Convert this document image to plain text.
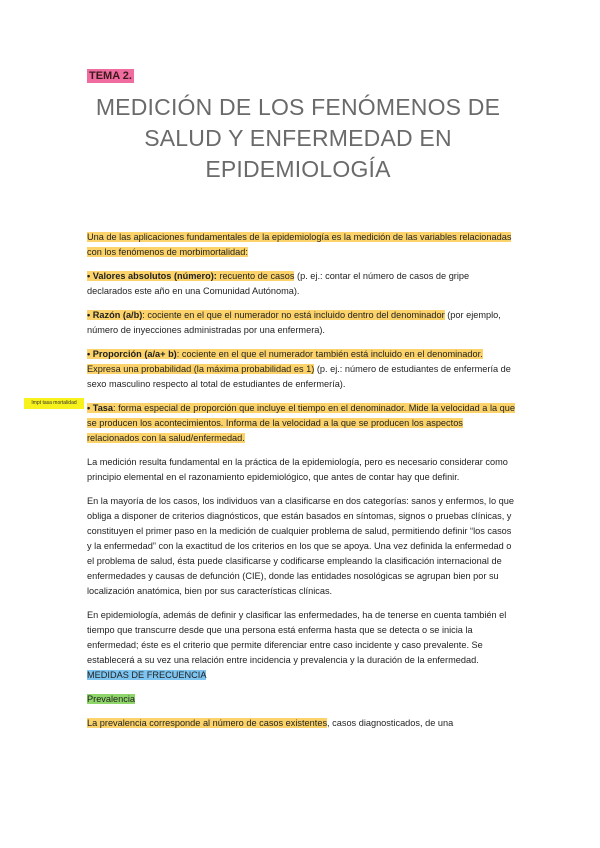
TEMA 2.
MEDICIÓN DE LOS FENÓMENOS DE SALUD Y ENFERMEDAD EN EPIDEMIOLOGÍA
Impt tasa mortalidad

Una de las aplicaciones fundamentales de la epidemiología es la medición de las variables relacionadas con los fenómenos de morbimortalidad:

• Valores absolutos (número): recuento de casos (p. ej.: contar el número de casos de gripe declarados este año en una Comunidad Autónoma).

• Razón (a/b): cociente en el que el numerador no está incluido dentro del denominador (por ejemplo, número de inyecciones administradas por una enfermera).

• Proporción (a/a+ b): cociente en el que el numerador también está incluido en el denominador. Expresa una probabilidad (la máxima probabilidad es 1) (p. ej.: número de estudiantes de enfermería de sexo masculino respecto al total de estudiantes de enfermería).

• Tasa: forma especial de proporción que incluye el tiempo en el denominador. Mide la velocidad a la que se producen los acontecimientos. Informa de la velocidad a la que se producen los aspectos relacionados con la salud/enfermedad.

La medición resulta fundamental en la práctica de la epidemiología, pero es necesario considerar como principio elemental en el razonamiento epidemiológico, que antes de contar hay que definir.

En la mayoría de los casos, los individuos van a clasificarse en dos categorías: sanos y enfermos, lo que obliga a disponer de criterios diagnósticos, que están basados en síntomas, signos o pruebas clínicas, y constituyen el primer paso en la medición de cualquier problema de salud, permitiendo definir “los casos y la enfermedad” con la exactitud de los criterios en los que se apoya. Una vez definida la enfermedad o el problema de salud, ésta puede clasificarse y codificarse empleando la clasificación internacional de enfermedades y causas de defunción (CIE), donde las entidades nosológicas se agrupan bien por su localización anatómica, bien por sus características clínicas.

En epidemiología, además de definir y clasificar las enfermedades, ha de tenerse en cuenta también el tiempo que transcurre desde que una persona está enferma hasta que se detecta o se inicia la enfermedad; éste es el criterio que permite diferenciar entre caso incidente y caso prevalente. Se establecerá a su vez una relación entre incidencia y prevalencia y la duración de la enfermedad.

MEDIDAS DE FRECUENCIA

Prevalencia

La prevalencia corresponde al número de casos existentes, casos diagnosticados, de una
